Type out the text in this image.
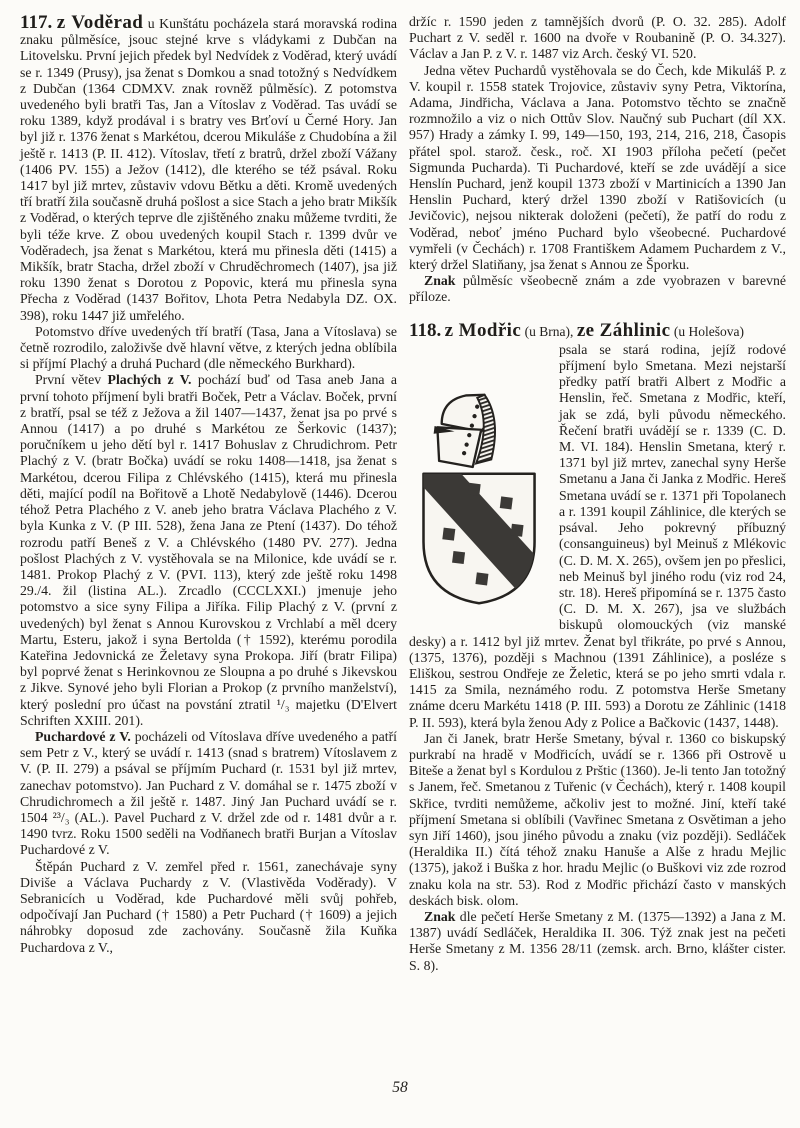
117. z Voděrad u Kunštátu pocházela stará moravská rodina znaku půlměsíce, jsouc stejné krve s vládykami z Dubčan na Litovelsku. První jejich předek byl Nedvídek z Voděrad, který uvádí se r. 1349 (Prusy), jsa ženat s Domkou a snad totožný s Nedvídkem z Dubčan (1364 CDMXV. znak rovněž půlměsíc). Z potomstva uvedeného byli bratři Tas, Jan a Vítoslav z Voděrad. Tas uvádí se roku 1389, když prodával i s bratry ves Brťoví u Černé Hory. Jan byl již r. 1376 ženat s Markétou, dcerou Mikuláše z Chudobína a žil ještě r. 1413 (P. II. 412). Vítoslav, třetí z bratrů, držel zboží Vážany (1406 PV. 155) a Ježov (1412), dle kterého se též psával. Roku 1417 byl již mrtev, zůstaviv vdovu Bětku a děti. Kromě uvedených tří bratří žila současně druhá pošlost a sice Stach a jeho bratr Mikšík z Voděrad, o kterých teprve dle zjištěného znaku můžeme tvrditi, že byli téže krve. Z obou uvedených koupil Stach r. 1399 dvůr ve Voděradech, jsa ženat s Markétou, která mu přinesla děti (1415) a Mikšík, bratr Stacha, držel zboží v Chruděchromech (1407), jsa již roku 1390 ženat s Dorotou z Popovic, která mu přinesla syna Přecha z Voděrad (1437 Bořitov, Lhota Petra Nedabyla DZ. OX. 398), roku 1447 již umřelého.

Potomstvo dříve uvedených tří bratří (Tasa, Jana a Vítoslava) se četně rozrodilo, založivše dvě hlavní větve, z kterých jedna oblíbila si příjmí Plachý a druhá Puchard (dle německého Burkhard).

První větev Plachých z V. pochází buď od Tasa aneb Jana a první tohoto příjmení byli bratři Boček, Petr a Václav. Boček, první z bratří, psal se též z Ježova a žil 1407—1437, ženat jsa po prvé s Annou (1417) a po druhé s Markétou ze Šerkovic (1437); poručníkem u jeho dětí byl r. 1417 Bohuslav z Chrudichrom. Petr Plachý z V. (bratr Bočka) uvádí se roku 1408—1418, jsa ženat s Markétou, dcerou Filipa z Chlévského (1415), která mu přinesla děti, mající podíl na Bořitově a Lhotě Nedabylově (1446). Dcerou téhož Petra Plachého z V. aneb jeho bratra Václava Plachého z V. byla Kunka z V. (P III. 528), žena Jana ze Ptení (1437). Do téhož rozrodu patří Beneš z V. a Chlévského (1480 PV. 277). Jedna pošlost Plachých z V. vystěhovala se na Milonice, kde uvádí se r. 1481. Prokop Plachý z V. (PVI. 113), který zde ještě roku 1498 29./4. žil (listina AL.). Zrcadlo (CCCLXXI.) jmenuje jeho potomstvo a sice syny Filipa a Jiříka. Filip Plachý z V. (první z uvedených) byl ženat s Annou Kurovskou z Vrchlabí a měl dcery Martu, Esteru, jakož i syna Bertolda († 1592), kterému porodila Kateřina Jedovnická ze Želetavy syna Prokopa. Jiří (bratr Filipa) byl poprvé ženat s Herinkovnou ze Sloupna a po druhé s Jikevskou z Jikve. Synové jeho byli Florian a Prokop (z prvního manželství), který poslední pro účast na povstání ztratil ¹/₃ majetku (D'Elvert Schriften XXIII. 201).

Puchardové z V. pocházeli od Vítoslava dříve uvedeného a patří sem Petr z V., který se uvádí r. 1413 (snad s bratrem) Vítoslavem z V. (P. II. 279) a psával se příjmím Puchard (r. 1531 byl již mrtev, zanechav potomstvo). Jan Puchard z V. domáhal se r. 1475 zboží v Chrudichromech a žil ještě r. 1487. Jiný Jan Puchard uvádí se r. 1504 ²³/₃ (AL.). Pavel Puchard z V. držel zde od r. 1481 dvůr a r. 1490 tvrz. Roku 1500 seděli na Vodňanech bratři Burjan a Vítoslav Puchardové z V.

Štěpán Puchard z V. zemřel před r. 1561, zanechávaje syny Diviše a Václava Puchardy z V. (Vlastivěda Voděrady). V Sebranicích u Voděrad, kde Puchardové měli svůj pohřeb, odpočívají Jan Puchard († 1580) a Petr Puchard († 1609) a jejich náhrobky doposud zde zachovány. Současně žila Kuňka Puchardova z V.,

držíc r. 1590 jeden z tamnějších dvorů (P. O. 32. 285). Adolf Puchart z V. seděl r. 1600 na dvoře v Roubanině (P. O. 34.327). Václav a Jan P. z V. r. 1487 viz Arch. český VI. 520.

Jedna větev Puchardů vystěhovala se do Čech, kde Mikuláš P. z V. koupil r. 1558 statek Trojovice, zůstaviv syny Petra, Viktorína, Adama, Jindřicha, Václava a Jana. Potomstvo těchto se značně rozmnožilo a viz o nich Ottův Slov. Naučný sub Puchart (díl XX. 957) Hrady a zámky I. 99, 149—150, 193, 214, 216, 218, Časopis přátel spol. starož. česk., roč. XI 1903 příloha pečetí (pečet Sigmunda Pucharda). Ti Puchardové, kteří se zde uvádějí a sice Henslín Puchard, jenž koupil 1373 zboží v Martinicích a 1390 Jan Henslin Puchard, který držel 1390 zboží v Ratišovicích (u Jevičovic), nejsou nikterak doloženi (pečetí), že patří do rodu z Voděrad, neboť jméno Puchard bylo všeobecné. Puchardové vymřeli (v Čechách) r. 1708 Františkem Adamem Puchardem z V., který držel Slatiňany, jsa ženat s Annou ze Šporku.

Znak půlměsíc všeobecně znám a zde vyobrazen v barevné příloze.

118. z Modřic (u Brna), ze Záhlinic (u Holešova)

psala se stará rodina, jejíž rodové příjmení bylo Smetana. Mezi nejstarší předky patří bratři Albert z Modřic a Henslin, řeč. Smetana z Modřic, kteří, jak se zdá, byli původu německého. Řečení bratři uvádějí se r. 1339 (C. D. M. VI. 184). Henslin Smetana, který r. 1371 byl již mrtev, zanechal syny Herše Smetanu a Jana či Janka z Modřic. Hereš Smetana uvádí se r. 1371 při Topolanech a r. 1391 koupil Záhlinice, dle kterých se psával. Jeho pokrevný příbuzný (consanguineus) byl Meinuš z Mlékovic (C. D. M. X. 265), ovšem jen po přeslici, neb Meinuš byl jiného rodu (viz rod 24, str. 18). Hereš připomíná se r. 1375 často (C. D. M. X. 267), jsa ve službách biskupů olomouckých (viz manské desky) a r. 1412 byl již mrtev. Ženat byl třikráte, po prvé s Annou, (1375, 1376), později s Machnou (1391 Záhlinice), a posléze s Eliškou, sestrou Ondřeje ze Želetic, která se po jeho smrti vdala r. 1415 za Smila, neznámého rodu. Z potomstva Herše Smetany známe dceru Markétu 1418 (P. III. 593) a Dorotu ze Záhlinic (1418 P. II. 593), která byla ženou Ady z Police a Bačkovic (1437, 1448).

Jan či Janek, bratr Herše Smetany, býval r. 1360 co biskupský purkrabí na hradě v Modřicích, uvádí se r. 1366 při Ostrově u Biteše a ženat byl s Kordulou z Prštic (1360). Je-li tento Jan totožný s Janem, řeč. Smetanou z Tuřenic (v Čechách), který r. 1408 koupil Skřice, tvrditi nemůžeme, ačkoliv jest to možné. Jiní, kteří také příjmení Smetana si oblíbili (Vavřinec Smetana z Osvětiman a jeho syn Jiří 1460), jsou jiného původu a znaku (viz později). Sedláček (Heraldika II.) čítá téhož znaku Hanuše a Alše z hradu Mejlic (1375), jakož i Buška z hor. hradu Mejlic (o Buškovi viz zde rozrod znaku kola na str. 53). Rod z Modřic přichází často v manských deskách bisk. olom.

Znak dle pečetí Herše Smetany z M. (1375—1392) a Jana z M. 1387) uvádí Sedláček, Heraldika II. 306. Týž znak jest na pečeti Herše Smetany z M. 1356 28/11 (zemsk. arch. Brno, klášter cister. S. 8).

58
